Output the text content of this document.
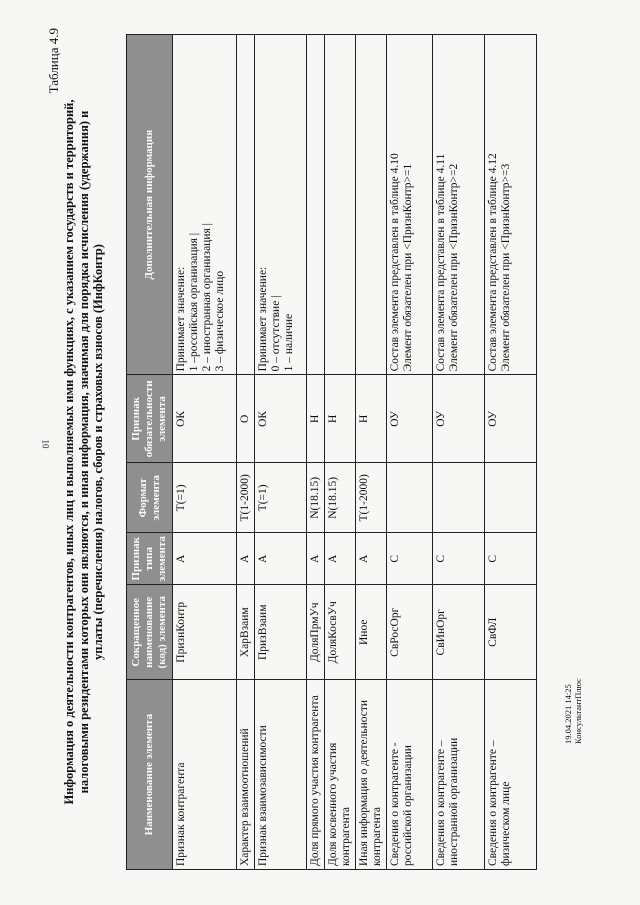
10
Таблица 4.9
Информация о деятельности контрагентов, иных лиц и выполняемых ими функциях, с указанием государств и территорий, налоговыми резидентами которых они являются, и иная информация, значимая для порядка исчисления (удержания) и уплаты (перечисления) налогов, сборов и страховых взносов (ИнфКонтр)
Наименование элемента	Сокращенное наименование (код) элемента	Признак типа элемента	Формат элемента	Признак обязательности элемента	Дополнительная информация
Признак контрагента	ПризнКонтр	А	T(=1)	ОК	Принимает значение: 1 –российская организация | 2 – иностранная организация | 3 – физическое лицо

Характер взаимоотношений	ХарВзаим	А	T(1-2000)	О	
Признак взаимозависимости	ПризВзаим	А	T(=1)	ОК	Принимает значение: 0 – отсутствие | 1 – наличие

Доля прямого участия контрагента	ДоляПрмУч	А	N(18.15)	Н	
Доля косвенного участия контрагента	ДоляКосвУч	А	N(18.15)	Н	
Иная информация о деятельности контрагента	Иное	А	T(1-2000)	Н	
Сведения о контрагенте - российской организации	СвРосОрг	С		ОУ	Состав элемента представлен в таблице 4.10 Элемент обязателен при <ПризнКонтр>=1

Сведения о контрагенте – иностранной организации	СвИнОрг	С		ОУ	Состав элемента представлен в таблице 4.11 Элемент обязателен при <ПризнКонтр>=2

Сведения о контрагенте – физическом лице	СвФЛ	С		ОУ	Состав элемента представлен в таблице 4.12 Элемент обязателен при <ПризнКонтр>=3
19.04.2021 14:25 КонсультантПлюс
